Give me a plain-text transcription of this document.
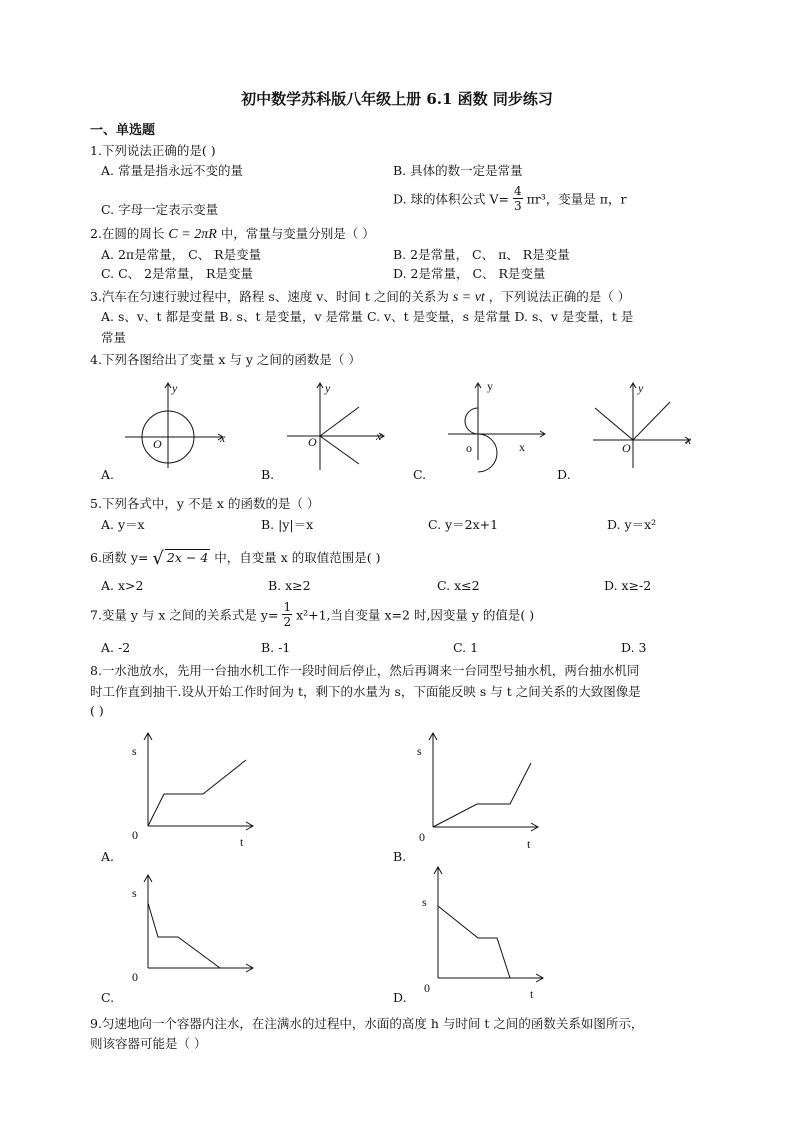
初中数学苏科版八年级上册 6.1 函数 同步练习
一、单选题
1.下列说法正确的是( )
A. 常量是指永远不变的量	B. 具体的数一定是常量
C. 字母一定表示变量
D. 球的体积公式 $V= \frac{4}{3} \pi r^3$，变量是 π，r
2.在圆的周长 C = 2πR 中，常量与变量分别是（ ）
A. 2π是常量， C、 R是变量	B. 2是常量， C、 π、 R是变量
C. C、 2是常量， R是变量	D. 2是常量， C、 R是变量
3.汽车在匀速行驶过程中，路程 s、速度 v、时间 t 之间的关系为 s = vt ，下列说法正确的是（ ）
A. s、v、t 都是变量 B. s、t 是变量，v 是常量 C. v、t 是变量，s 是常量 D. s、v 是变量，t 是
常量
4.下列各图给出了变量 x 与 y 之间的函数是（ ）
y
x
O
y
x
O
y
x
o
y
x
O
A.	B.	C.	D.
5.下列各式中，y 不是 x 的函数的是（ ）
A. y＝x	B. |y|＝x	C. y＝2x+1	D. y＝x²
6.函数 y= √ 2x − 4 中，自变量 x 的取值范围是( )
A. x>2	B. x≥2	C. x≤2	D. x≥-2
7.变量 y 与 x 之间的关系式是 $y= \frac{1}{2} x^2+1$,当自变量 x=2 时,因变量 y 的值是( )
A. -2	B. -1	C. 1	D. 3
8.一水池放水，先用一台抽水机工作一段时间后停止，然后再调来一台同型号抽水机，两台抽水机同
时工作直到抽干.设从开始工作时间为 t，剩下的水量为 s，下面能反映 s 与 t 之间关系的大致图像是
( )
s
t
0
s
t
0
s
0
s
t
0
A.	B.
C.	D.
9.匀速地向一个容器内注水，在注满水的过程中，水面的高度 h 与时间 t 之间的函数关系如图所示，
则该容器可能是（ ）
